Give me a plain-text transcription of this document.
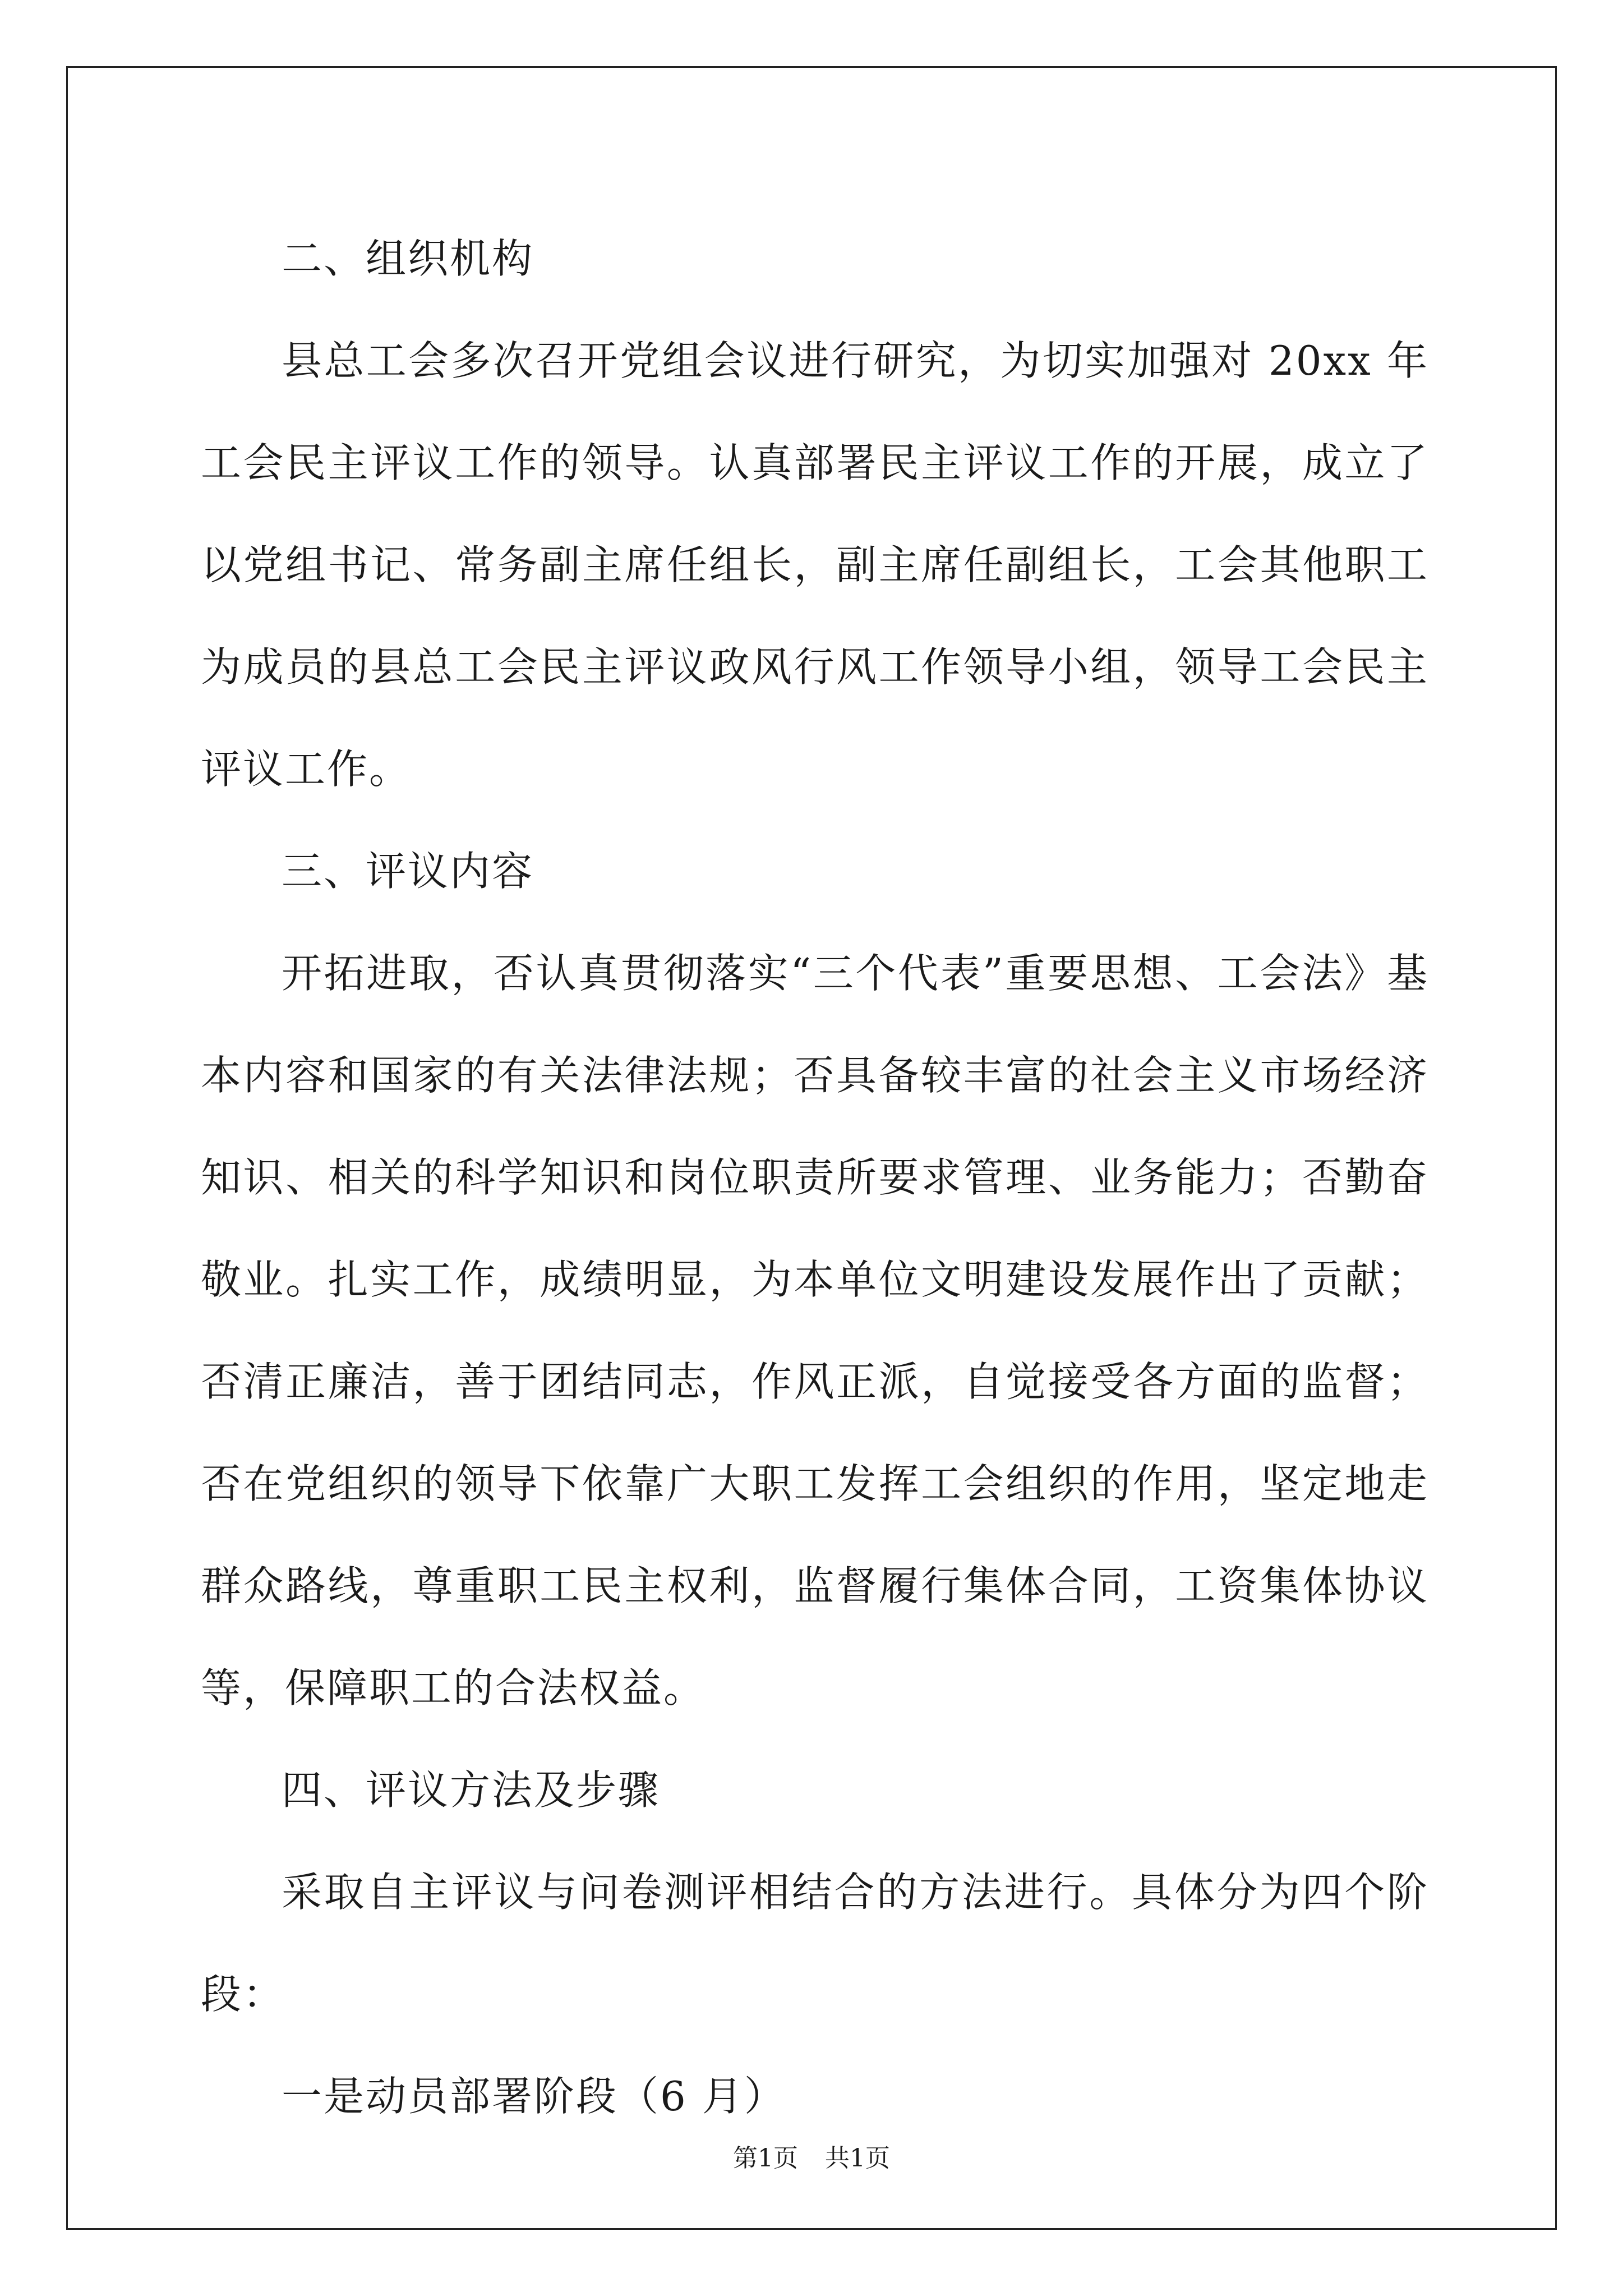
二、组织机构

县总工会多次召开党组会议进行研究，为切实加强对 20xx 年工会民主评议工作的领导。认真部署民主评议工作的开展，成立了以党组书记、常务副主席任组长，副主席任副组长，工会其他职工为成员的县总工会民主评议政风行风工作领导小组，领导工会民主评议工作。

三、评议内容

开拓进取，否认真贯彻落实“三个代表”重要思想、工会法》基本内容和国家的有关法律法规；否具备较丰富的社会主义市场经济知识、相关的科学知识和岗位职责所要求管理、业务能力；否勤奋敬业。扎实工作，成绩明显，为本单位文明建设发展作出了贡献；否清正廉洁，善于团结同志，作风正派，自觉接受各方面的监督；否在党组织的领导下依靠广大职工发挥工会组织的作用，坚定地走群众路线，尊重职工民主权利，监督履行集体合同，工资集体协议等，保障职工的合法权益。

四、评议方法及步骤

采取自主评议与问卷测评相结合的方法进行。具体分为四个阶段：

一是动员部署阶段（6 月）

第1页 共1页
